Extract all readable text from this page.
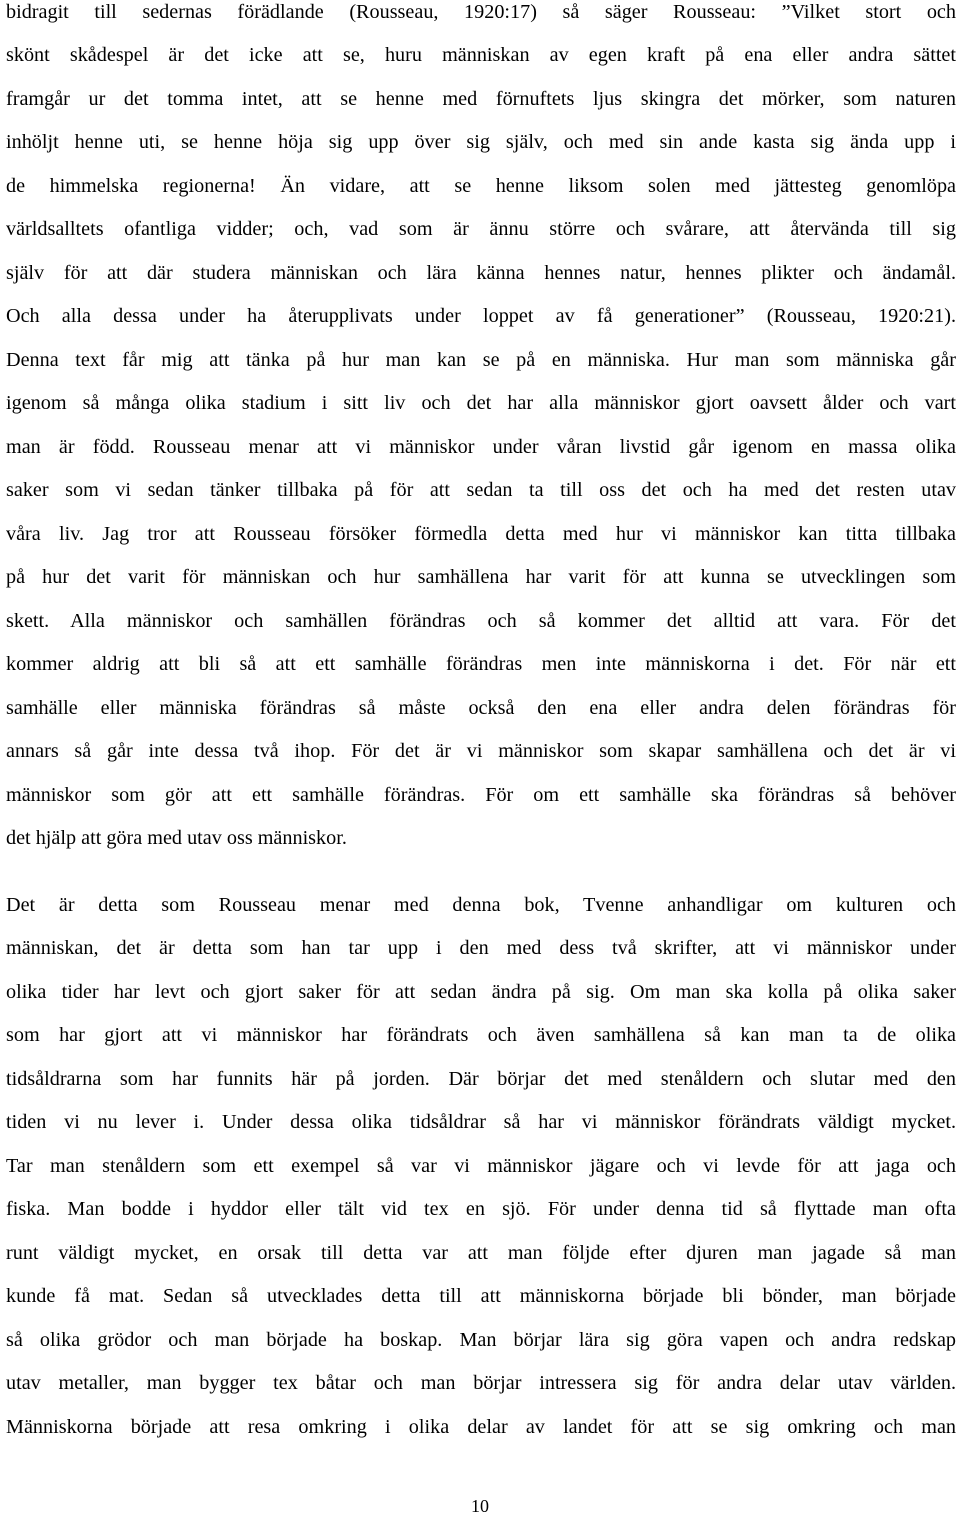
bidragit till sedernas förädlande (Rousseau, 1920:17) så säger Rousseau: ”Vilket stort och
skönt skådespel är det icke att se, huru människan av egen kraft på ena eller andra sättet
framgår ur det tomma intet, att se henne med förnuftets ljus skingra det mörker, som naturen
inhöljt henne uti, se henne höja sig upp över sig själv, och med sin ande kasta sig ända upp i
de himmelska regionerna! Än vidare, att se henne liksom solen med jättesteg genomlöpa
världsalltets ofantliga vidder; och, vad som är ännu större och svårare, att återvända till sig
själv för att där studera människan och lära känna hennes natur, hennes plikter och ändamål.
Och alla dessa under ha återupplivats under loppet av få generationer” (Rousseau, 1920:21).
Denna text får mig att tänka på hur man kan se på en människa. Hur man som människa går
igenom så många olika stadium i sitt liv och det har alla människor gjort oavsett ålder och vart
man är född. Rousseau menar att vi människor under våran livstid går igenom en massa olika
saker som vi sedan tänker tillbaka på för att sedan ta till oss det och ha med det resten utav
våra liv. Jag tror att Rousseau försöker förmedla detta med hur vi människor kan titta tillbaka
på hur det varit för människan och hur samhällena har varit för att kunna se utvecklingen som
skett. Alla människor och samhällen förändras och så kommer det alltid att vara. För det
kommer aldrig att bli så att ett samhälle förändras men inte människorna i det. För när ett
samhälle eller människa förändras så måste också den ena eller andra delen förändras för
annars så går inte dessa två ihop. För det är vi människor som skapar samhällena och det är vi
människor som gör att ett samhälle förändras. För om ett samhälle ska förändras så behöver
det hjälp att göra med utav oss människor.
Det är detta som Rousseau menar med denna bok, Tvenne anhandligar om kulturen och
människan, det är detta som han tar upp i den med dess två skrifter, att vi människor under
olika tider har levt och gjort saker för att sedan ändra på sig. Om man ska kolla på olika saker
som har gjort att vi människor har förändrats och även samhällena så kan man ta de olika
tidsåldrarna som har funnits här på jorden. Där börjar det med stenåldern och slutar med den
tiden vi nu lever i. Under dessa olika tidsåldrar så har vi människor förändrats väldigt mycket.
Tar man stenåldern som ett exempel så var vi människor jägare och vi levde för att jaga och
fiska. Man bodde i hyddor eller tält vid tex en sjö. För under denna tid så flyttade man ofta
runt väldigt mycket, en orsak till detta var att man följde efter djuren man jagade så man
kunde få mat. Sedan så utvecklades detta till att människorna började bli bönder, man började
så olika grödor och man började ha boskap. Man börjar lära sig göra vapen och andra redskap
utav metaller, man bygger tex båtar och man börjar intressera sig för andra delar utav världen.
Människorna började att resa omkring i olika delar av landet för att se sig omkring och man
10
